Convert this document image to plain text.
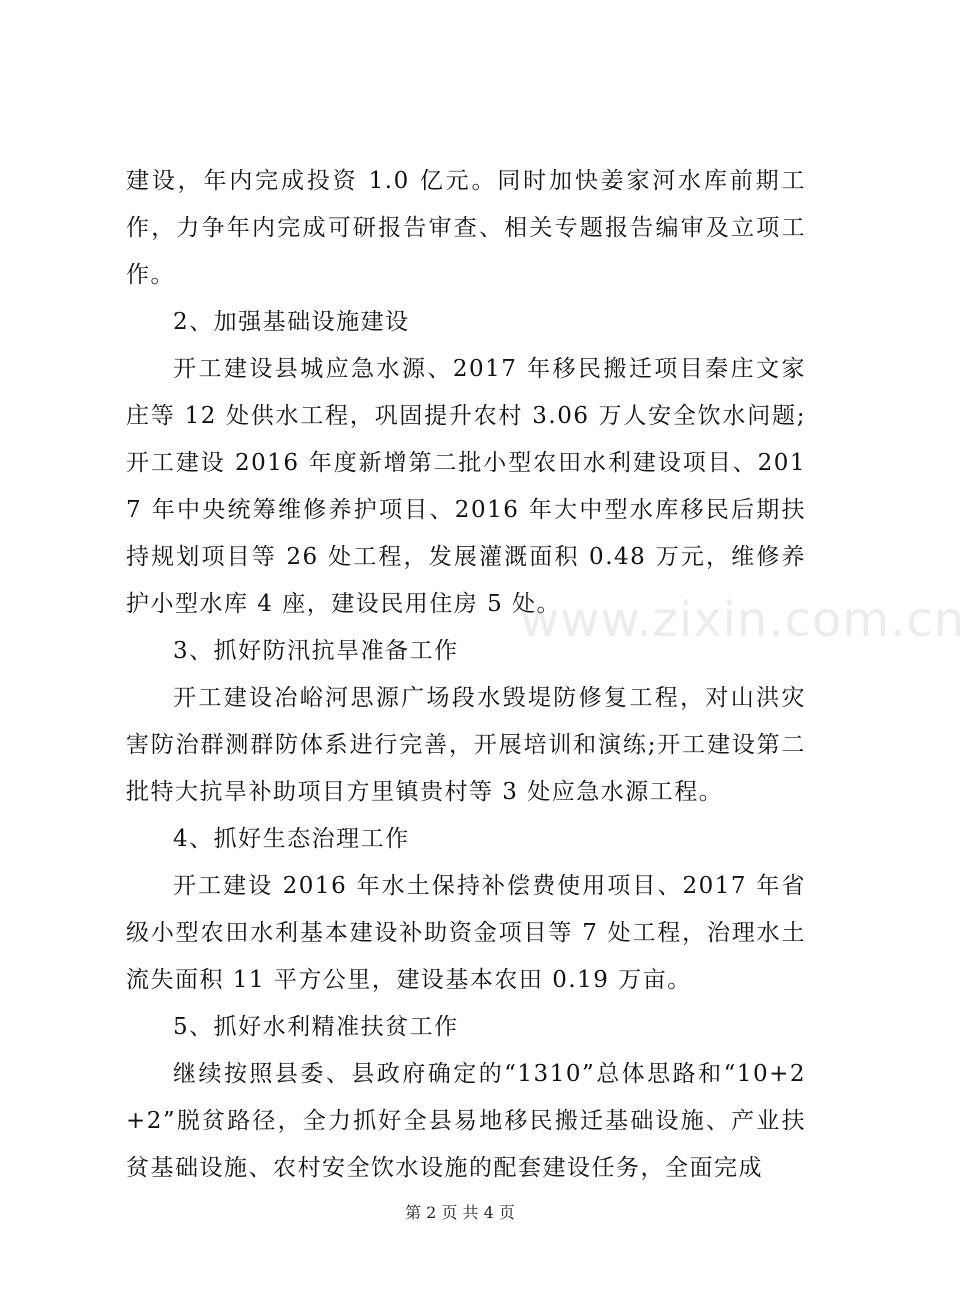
建设，年内完成投资 1.0 亿元。同时加快姜家河水库前期工作，力争年内完成可研报告审查、相关专题报告编审及立项工作。

2、加强基础设施建设

开工建设县城应急水源、2017 年移民搬迁项目秦庄文家庄等 12 处供水工程，巩固提升农村 3.06 万人安全饮水问题;开工建设 2016 年度新增第二批小型农田水利建设项目、2017 年中央统筹维修养护项目、2016 年大中型水库移民后期扶持规划项目等 26 处工程，发展灌溉面积 0.48 万元，维修养护小型水库 4 座，建设民用住房 5 处。

3、抓好防汛抗旱准备工作

开工建设冶峪河思源广场段水毁堤防修复工程，对山洪灾害防治群测群防体系进行完善，开展培训和演练;开工建设第二批特大抗旱补助项目方里镇贵村等 3 处应急水源工程。

4、抓好生态治理工作

开工建设 2016 年水土保持补偿费使用项目、2017 年省级小型农田水利基本建设补助资金项目等 7 处工程，治理水土流失面积 11 平方公里，建设基本农田 0.19 万亩。

5、抓好水利精准扶贫工作

继续按照县委、县政府确定的“1310”总体思路和“10+2+2”脱贫路径，全力抓好全县易地移民搬迁基础设施、产业扶贫基础设施、农村安全饮水设施的配套建设任务，全面完成

www.zixin.com.cn
第 2 页 共 4 页
